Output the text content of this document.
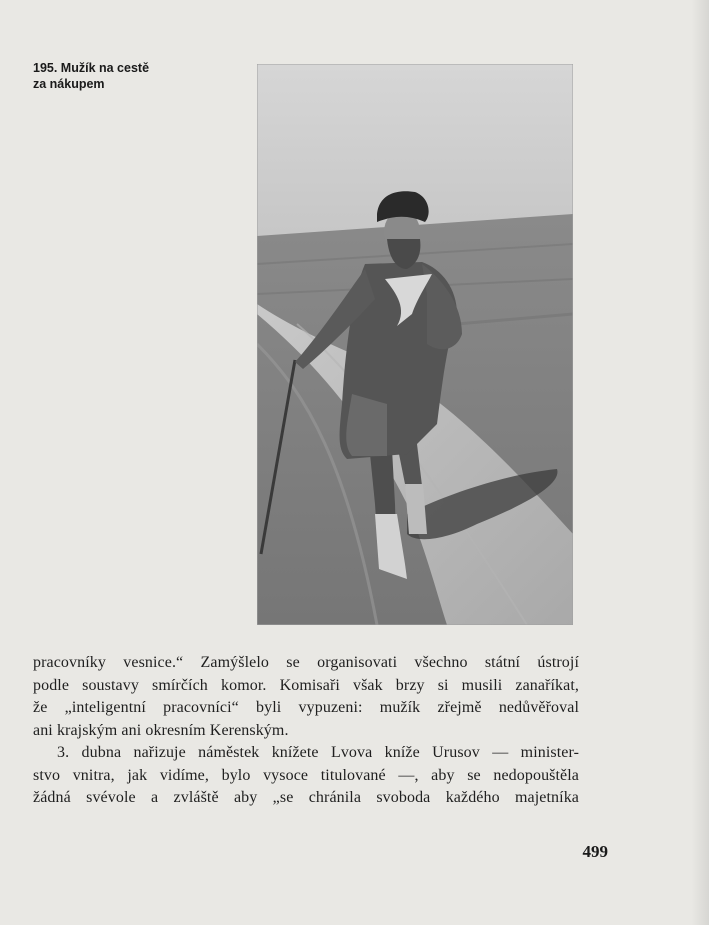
195. Mužík na cestě
za nákupem
pracovníky vesnice.“ Zamýšlelo se organisovati všechno státní ústrojí
podle soustavy smírčích komor. Komisaři však brzy si musili zanaříkat,
že „inteligentní pracovníci“ byli vypuzeni: mužík zřejmě nedůvěřoval
ani krajským ani okresním Kerenským.
3. dubna nařizuje náměstek knížete Lvova kníže Urusov — minister-
stvo vnitra, jak vidíme, bylo vysoce titulované —, aby se nedopouštěla
žádná svévole a zvláště aby „se chránila svoboda každého majetníka
499
